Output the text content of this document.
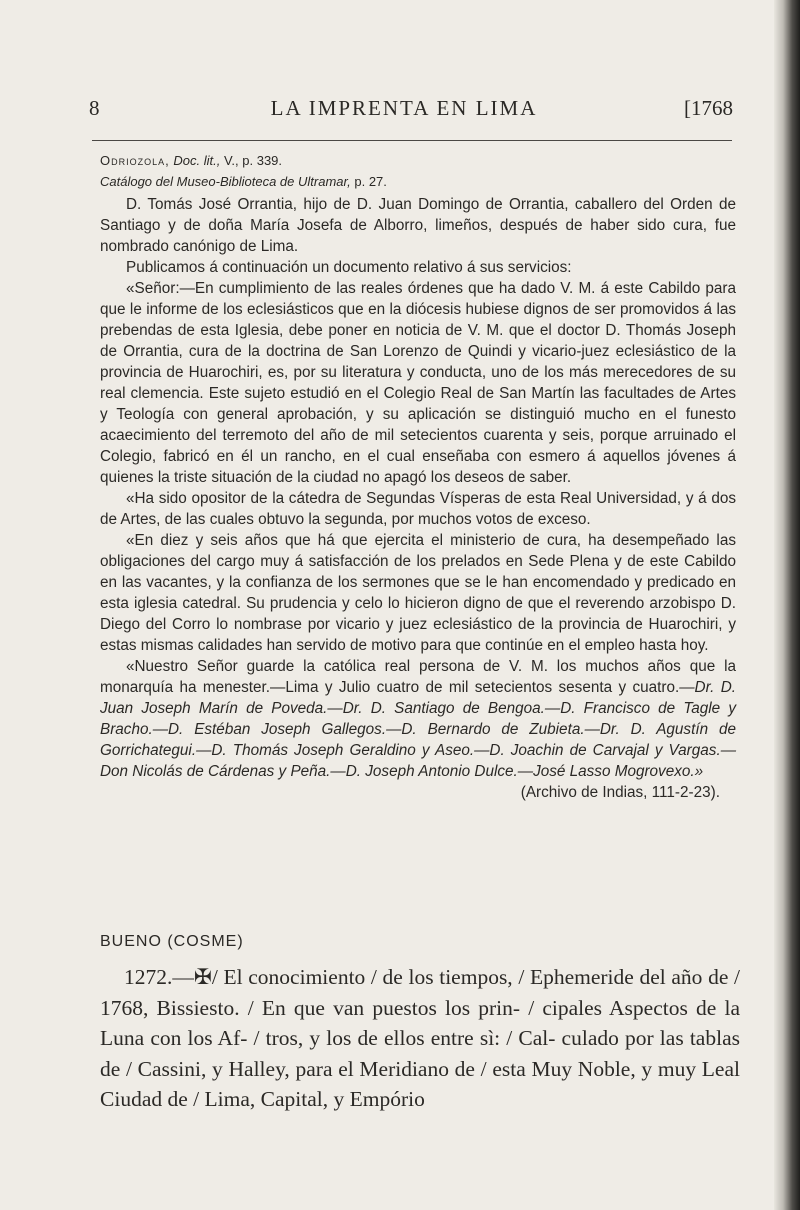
8	LA IMPRENTA EN LIMA	[1768
Odriozola, Doc. lit., V., p. 339.
Catálogo del Museo-Biblioteca de Ultramar, p. 27.

D. Tomás José Orrantia, hijo de D. Juan Domingo de Orrantia, caballero del Orden de Santiago y de doña María Josefa de Alborro, limeños, después de haber sido cura, fue nombrado canónigo de Lima.

Publicamos á continuación un documento relativo á sus servicios:

«Señor:—En cumplimiento de las reales órdenes que ha dado V. M. á este Cabildo para que le informe de los eclesiásticos que en la diócesis hubiese dignos de ser promovidos á las prebendas de esta Iglesia, debe poner en noticia de V. M. que el doctor D. Thomás Joseph de Orrantia, cura de la doctrina de San Lorenzo de Quindi y vicario-juez eclesiástico de la provincia de Huarochiri, es, por su literatura y conducta, uno de los más merecedores de su real clemencia. Este sujeto estudió en el Colegio Real de San Martín las facultades de Artes y Teología con general aprobación, y su aplicación se distinguió mucho en el funesto acaecimiento del terremoto del año de mil setecientos cuarenta y seis, porque arruinado el Colegio, fabricó en él un rancho, en el cual enseñaba con esmero á aquellos jóvenes á quienes la triste situación de la ciudad no apagó los deseos de saber.

«Ha sido opositor de la cátedra de Segundas Vísperas de esta Real Universidad, y á dos de Artes, de las cuales obtuvo la segunda, por muchos votos de exceso.

«En diez y seis años que há que ejercita el ministerio de cura, ha desempeñado las obligaciones del cargo muy á satisfacción de los prelados en Sede Plena y de este Cabildo en las vacantes, y la confianza de los sermones que se le han encomendado y predicado en esta iglesia catedral. Su prudencia y celo lo hicieron digno de que el reverendo arzobispo D. Diego del Corro lo nombrase por vicario y juez eclesiástico de la provincia de Huarochiri, y estas mismas calidades han servido de motivo para que continúe en el empleo hasta hoy.

«Nuestro Señor guarde la católica real persona de V. M. los muchos años que la monarquía ha menester.—Lima y Julio cuatro de mil setecientos sesenta y cuatro.—Dr. D. Juan Joseph Marín de Poveda.—Dr. D. Santiago de Bengoa.—D. Francisco de Tagle y Bracho.—D. Estéban Joseph Gallegos.—D. Bernardo de Zubieta.—Dr. D. Agustín de Gorrichategui.—D. Thomás Joseph Geraldino y Aseo.—D. Joachin de Carvajal y Vargas.—Don Nicolás de Cárdenas y Peña.—D. Joseph Antonio Dulce.—José Lasso Mogrovexo.»

(Archivo de Indias, 111-2-23).
BUENO (COSME)
1272.—✠/ El conocimiento / de los tiempos, / Ephemeride del año de / 1768, Bissiesto. / En que van puestos los prin- / cipales Aspectos de la Luna con los Af- / tros, y los de ellos entre sì: / Cal- culado por las tablas de / Cassini, y Halley, para el Meridiano de / esta Muy Noble, y muy Leal Ciudad de / Lima, Capital, y Empório
